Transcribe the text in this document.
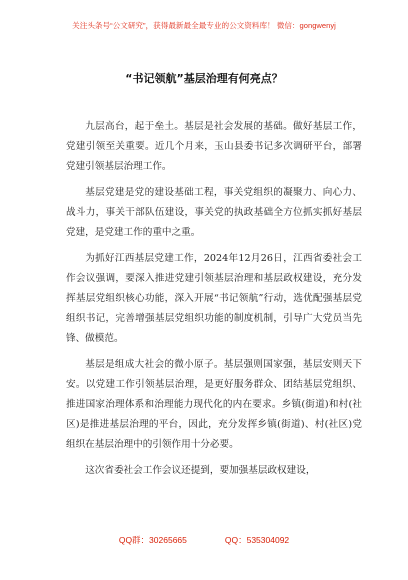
关注头条号“公文研究”，获得最新最全最专业的公文资料库！ 微信：gongwenyj
“书记领航”基层治理有何亮点？

九层高台，起于垒土。基层是社会发展的基础。做好基层工作，党建引领至关重要。近几个月来，玉山县委书记多次调研平台，部署党建引领基层治理工作。

基层党建是党的建设基础工程，事关党组织的凝聚力、向心力、战斗力，事关干部队伍建设，事关党的执政基础全方位抓实抓好基层党建，是党建工作的重中之重。

为抓好江西基层党建工作，2024年12月26日，江西省委社会工作会议强调，要深入推进党建引领基层治理和基层政权建设，充分发挥基层党组织核心功能，深入开展“书记领航”行动，选优配强基层党组织书记，完善增强基层党组织功能的制度机制，引导广大党员当先锋、做模范。

基层是组成大社会的微小原子。基层强则国家强，基层安则天下安。以党建工作引领基层治理，是更好服务群众、团结基层党组织、推进国家治理体系和治理能力现代化的内在要求。乡镇(街道)和村(社区)是推进基层治理的平台，因此，充分发挥乡镇(街道)、村(社区)党组织在基层治理中的引领作用十分必要。

这次省委社会工作会议还提到，要加强基层政权建设，

QQ群：30265665	QQ：535304092
